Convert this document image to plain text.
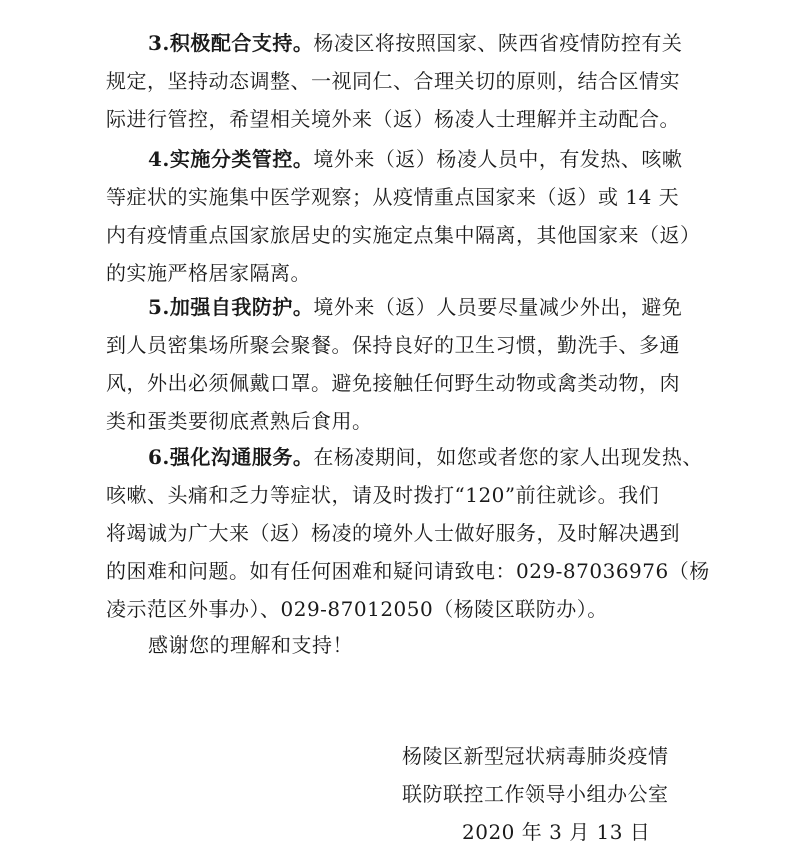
3.积极配合支持。杨凌区将按照国家、陕西省疫情防控有关
规定，坚持动态调整、一视同仁、合理关切的原则，结合区情实
际进行管控，希望相关境外来（返）杨凌人士理解并主动配合。
4.实施分类管控。境外来（返）杨凌人员中，有发热、咳嗽
等症状的实施集中医学观察；从疫情重点国家来（返）或 14 天
内有疫情重点国家旅居史的实施定点集中隔离，其他国家来（返）
的实施严格居家隔离。
5.加强自我防护。境外来（返）人员要尽量减少外出，避免
到人员密集场所聚会聚餐。保持良好的卫生习惯，勤洗手、多通
风，外出必须佩戴口罩。避免接触任何野生动物或禽类动物，肉
类和蛋类要彻底煮熟后食用。
6.强化沟通服务。在杨凌期间，如您或者您的家人出现发热、
咳嗽、头痛和乏力等症状，请及时拨打“120”前往就诊。我们
将竭诚为广大来（返）杨凌的境外人士做好服务，及时解决遇到
的困难和问题。如有任何困难和疑问请致电：029-87036976（杨
凌示范区外事办）、029-87012050（杨陵区联防办）。
感谢您的理解和支持！
杨陵区新型冠状病毒肺炎疫情
联防联控工作领导小组办公室
2020 年 3 月 13 日
